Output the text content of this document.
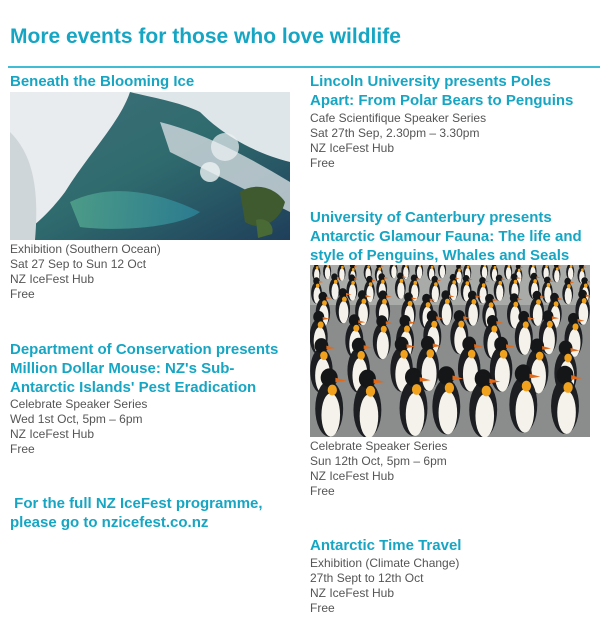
More events for those who love wildlife
Beneath the Blooming Ice
Exhibition (Southern Ocean)
Sat 27 Sep to Sun 12 Oct
NZ IceFest Hub
Free
Department of Conservation presents
Million Dollar Mouse: NZ's Sub-
Antarctic Islands' Pest Eradication
Celebrate Speaker Series
Wed 1st Oct, 5pm – 6pm
NZ IceFest Hub
Free
For the full NZ IceFest programme,
please go to nzicefest.co.nz
Lincoln University presents Poles
Apart: From Polar Bears to Penguins
Cafe Scientifique Speaker Series
Sat 27th Sep, 2.30pm – 3.30pm
NZ IceFest Hub
Free
University of Canterbury presents
Antarctic Glamour Fauna: The life and
style of Penguins, Whales and Seals
Celebrate Speaker Series
Sun 12th Oct, 5pm – 6pm
NZ IceFest Hub
Free
Antarctic Time Travel
Exhibition (Climate Change)
27th Sept to 12th Oct
NZ IceFest Hub
Free
